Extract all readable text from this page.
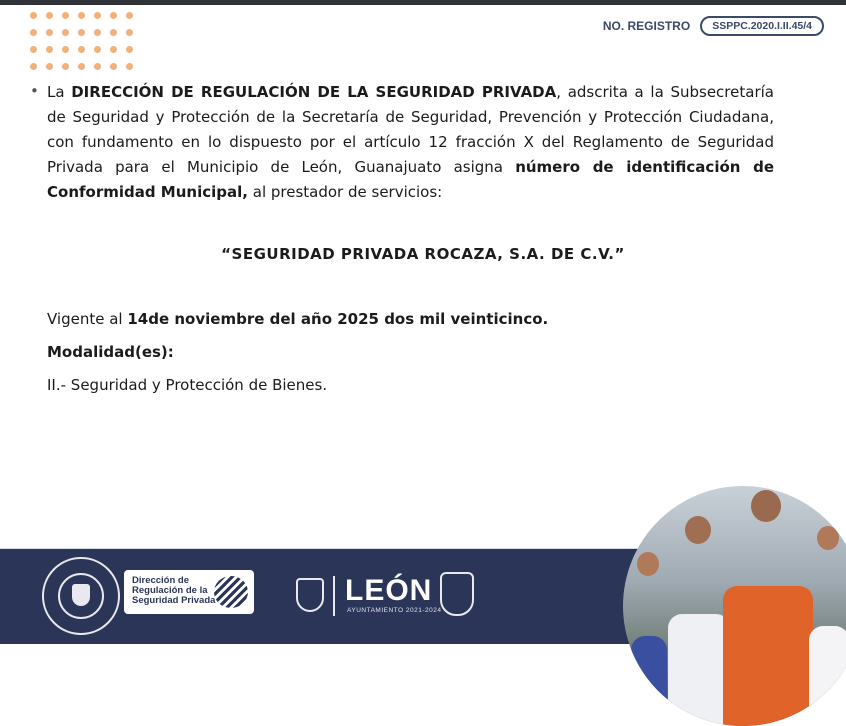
NO. REGISTRO	SSPPC.2020.I.II.45/4
• La DIRECCIÓN DE REGULACIÓN DE LA SEGURIDAD PRIVADA, adscrita a la Subsecretaría de Seguridad y Protección de la Secretaría de Seguridad, Prevención y Protección Ciudadana, con fundamento en lo dispuesto por el artículo 12 fracción X del Reglamento de Seguridad Privada para el Municipio de León, Guanajuato asigna número de identificación de Conformidad Municipal, al prestador de servicios:
“SEGURIDAD PRIVADA ROCAZA, S.A. DE C.V.”
Vigente al 14de noviembre del año 2025 dos mil veinticinco.
Modalidad(es):
II.- Seguridad y Protección de Bienes.
Dirección de
Regulación de la
Seguridad Privada	LEÓN
AYUNTAMIENTO 2021-2024
